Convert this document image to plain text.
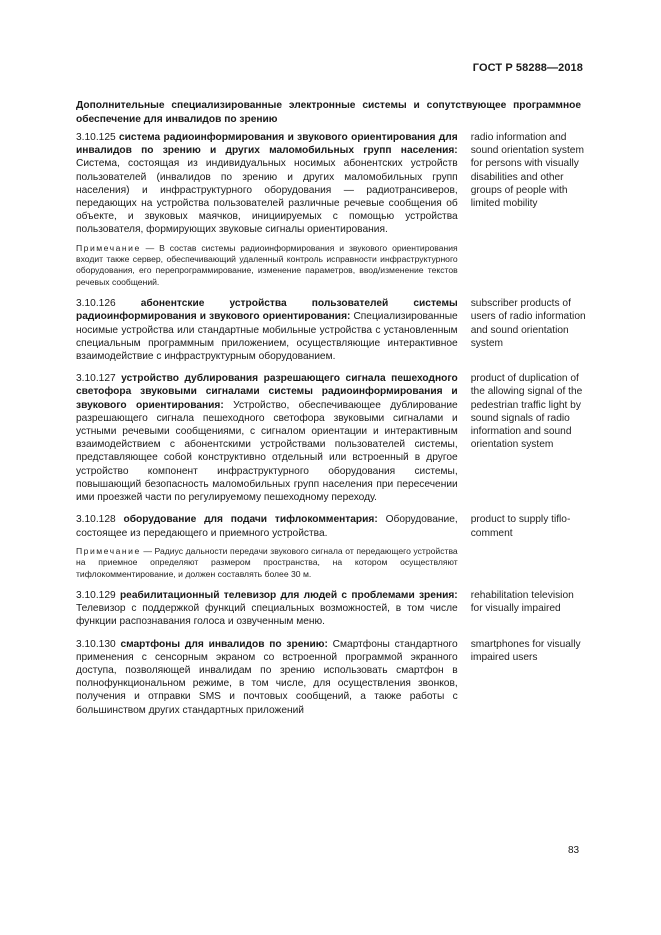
ГОСТ Р 58288—2018
Дополнительные специализированные электронные системы и сопутствующее программное обеспечение для инвалидов по зрению

3.10.125 система радиоинформирования и звукового ориентирования для инвалидов по зрению и других маломобильных групп населения: Система, состоящая из индивидуальных носимых абонентских устройств пользователей (инвалидов по зрению и других маломобильных групп населения) и инфраструктурного оборудования — радиотрансиверов, передающих на устройства пользователей различные речевые сообщения об объекте, и звуковых маячков, инициируемых с помощью устройства пользователя, формирующих звуковые сигналы ориентирования.

Примечание — В состав системы радиоинформирования и звукового ориентирования входит также сервер, обеспечивающий удаленный контроль исправности инфраструктурного оборудования, его перепрограммирование, изменение параметров, ввод/изменение текстов речевых сообщений.
radio information and sound orientation system for persons with visually disabilities and other groups of people with limited mobility

3.10.126 абонентские устройства пользователей системы радиоинформирования и звукового ориентирования: Специализированные носимые устройства или стандартные мобильные устройства с установленным специальным программным приложением, осуществляющие интерактивное взаимодействие с инфраструктурным оборудованием.

subscriber products of users of radio information and sound orientation system

3.10.127 устройство дублирования разрешающего сигнала пешеходного светофора звуковыми сигналами системы радиоинформирования и звукового ориентирования: Устройство, обеспечивающее дублирование разрешающего сигнала пешеходного светофора звуковыми сигналами и устными речевыми сообщениями, с сигналом ориентации и интерактивным взаимодействием с абонентскими устройствами пользователей системы, представляющее собой конструктивно отдельный или встроенный в другое устройство компонент инфраструктурного оборудования системы, повышающий безопасность маломобильных групп населения при пересечении ими проезжей части по регулируемому пешеходному переходу.

product of duplication of the allowing signal of the pedestrian traffic light by sound signals of radio information and sound orientation system

3.10.128 оборудование для подачи тифлокомментария: Оборудование, состоящее из передающего и приемного устройства.

Примечание — Радиус дальности передачи звукового сигнала от передающего устройства на приемное определяют размером пространства, на котором осуществляют тифлокомментирование, и должен составлять более 30 м.
product to supply tiflo-comment

3.10.129 реабилитационный телевизор для людей с проблемами зрения: Телевизор с поддержкой функций специальных возможностей, в том числе функции распознавания голоса и озвученным меню.

rehabilitation television for visually impaired

3.10.130 смартфоны для инвалидов по зрению: Смартфоны стандартного применения с сенсорным экраном со встроенной программой экранного доступа, позволяющей инвалидам по зрению использовать смартфон в полнофункциональном режиме, в том числе, для осуществления звонков, получения и отправки SMS и почтовых сообщений, а также работы с большинством других стандартных приложений

smartphones for visually impaired users
83
